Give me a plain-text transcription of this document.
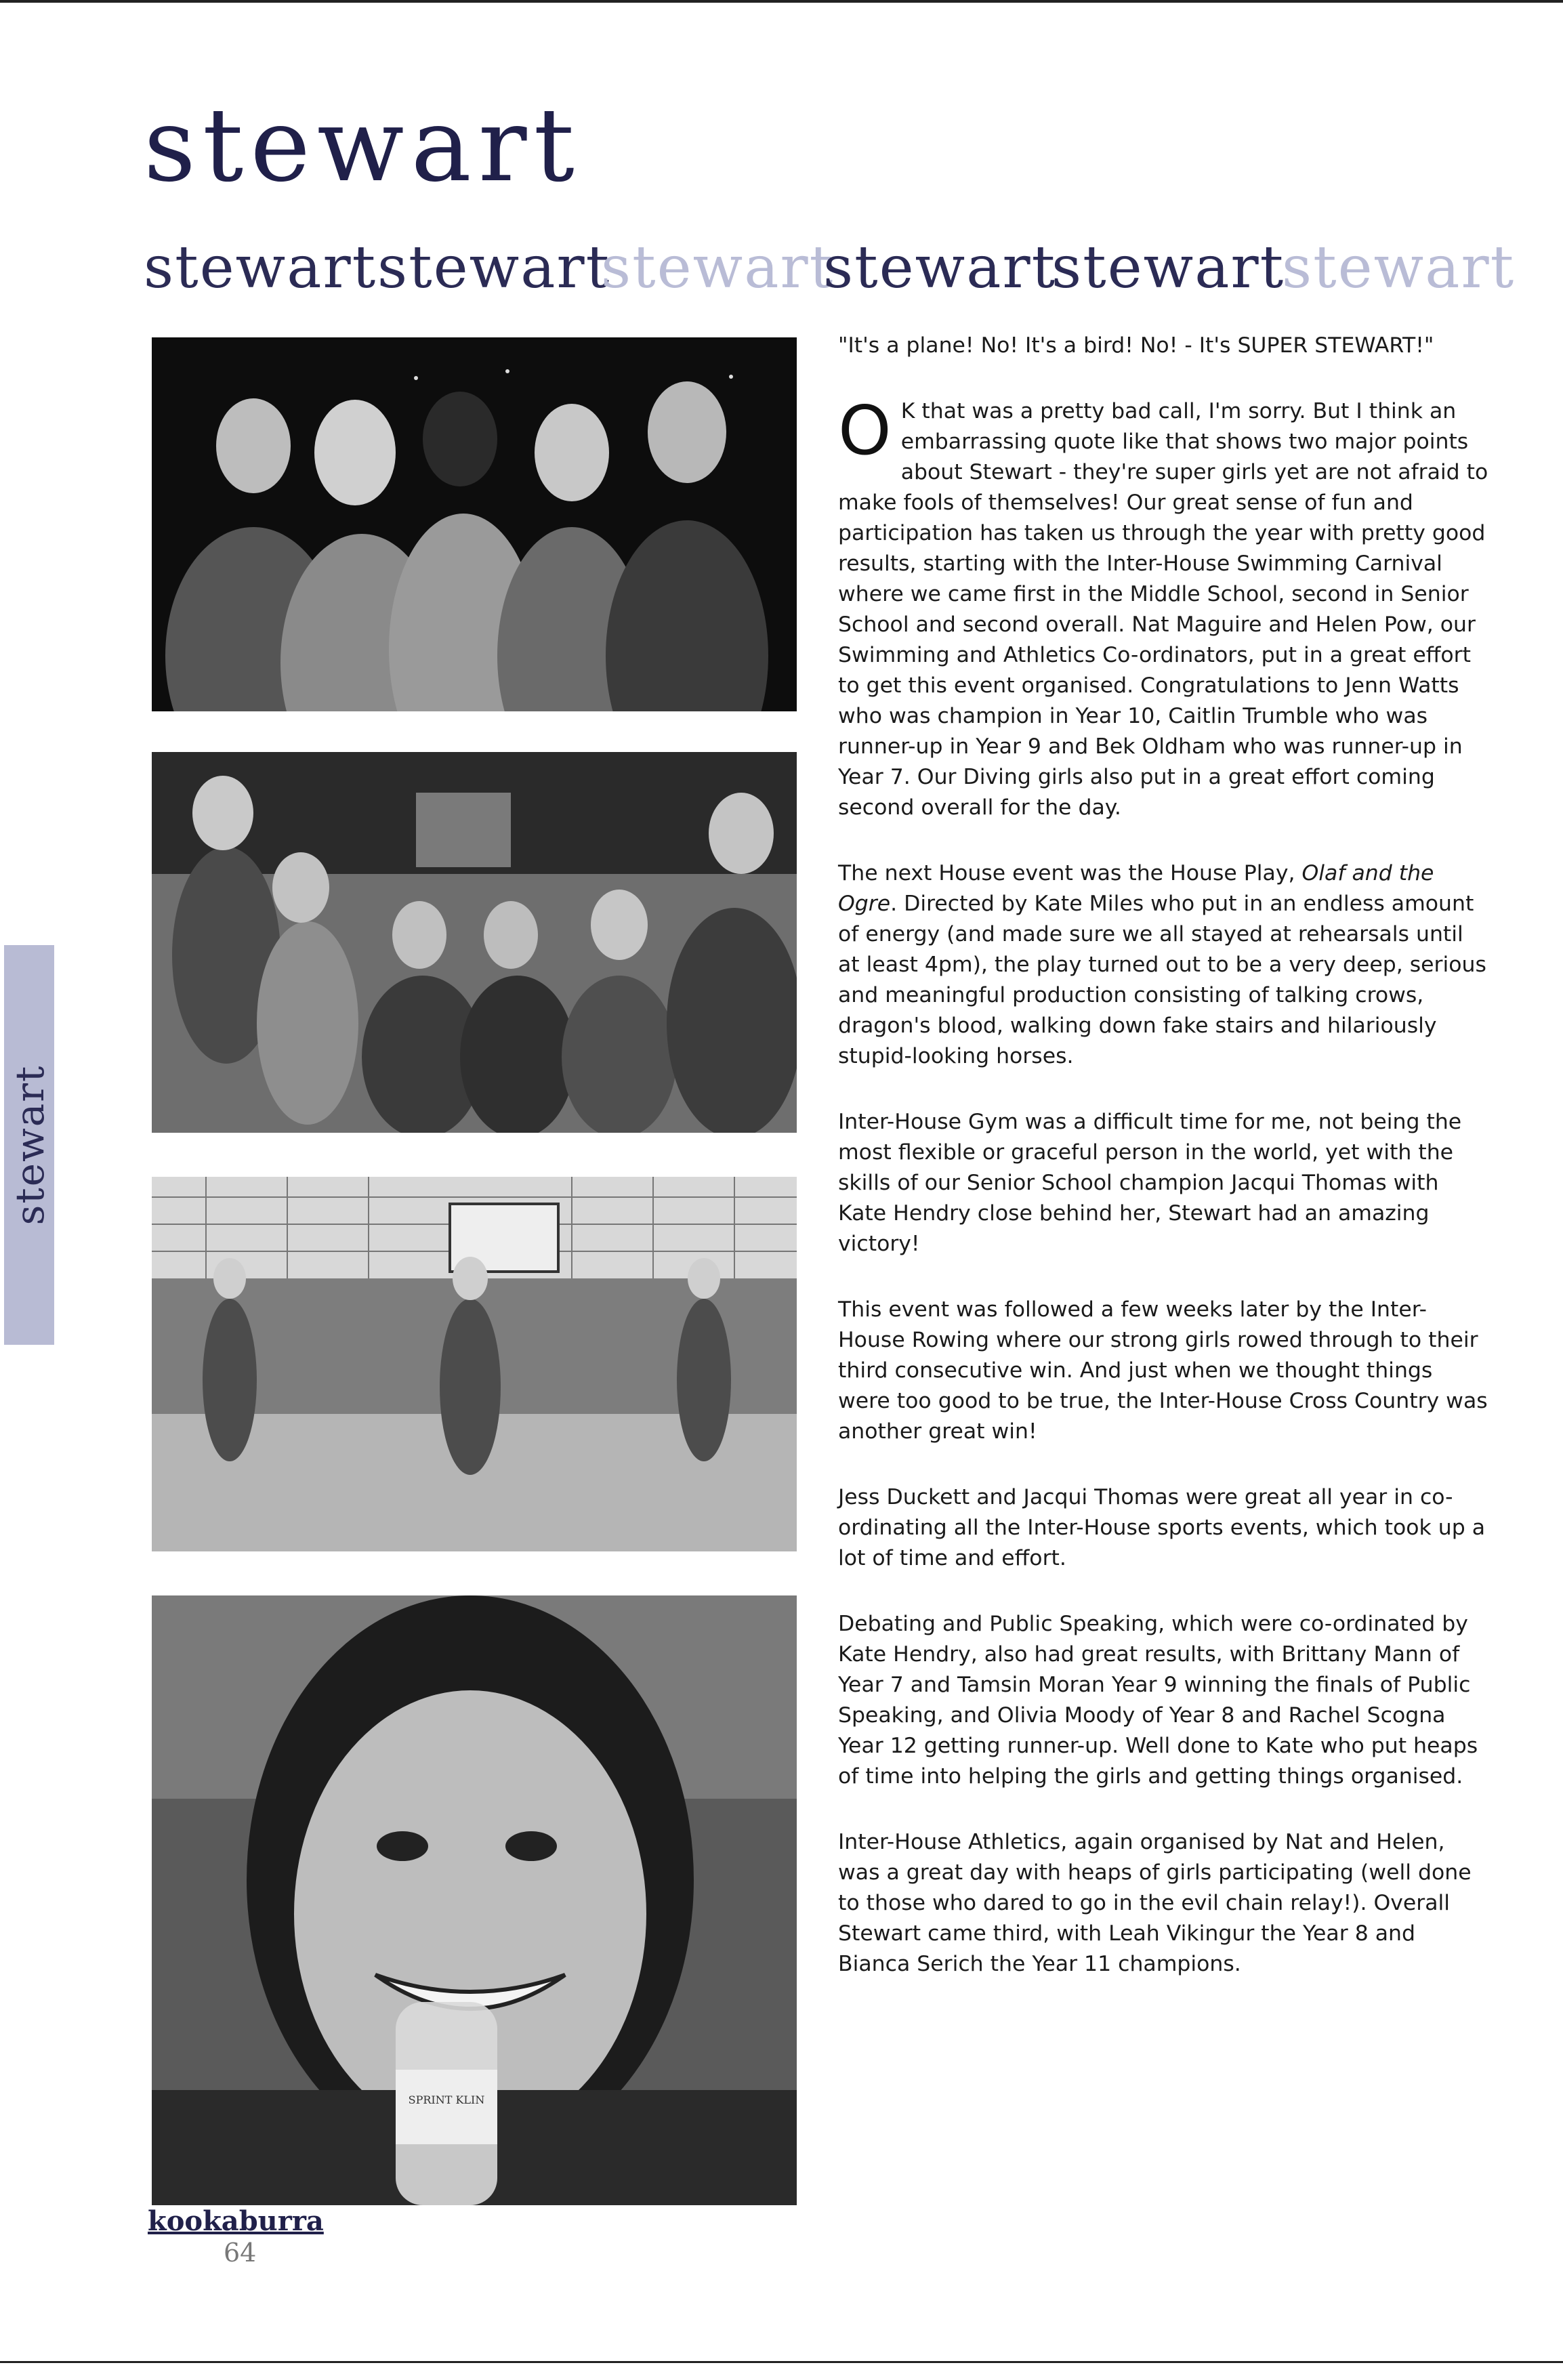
stewart
stewart stewart
stewart
stewart
stewart
stewart
SPRINT KLIN
stewart

"It's a plane! No! It's a bird! No! - It's SUPER STEWART!"

O K that was a pretty bad call, I'm sorry. But I think an embarrassing quote like that shows two major points about Stewart - they're super girls yet are not afraid to make fools of themselves! Our great sense of fun and participation has taken us through the year with pretty good results, starting with the Inter-House Swimming Carnival where we came first in the Middle School, second in Senior School and second overall. Nat Maguire and Helen Pow, our Swimming and Athletics Co-ordinators, put in a great effort to get this event organised. Congratulations to Jenn Watts who was champion in Year 10, Caitlin Trumble who was runner-up in Year 9 and Bek Oldham who was runner-up in Year 7. Our Diving girls also put in a great effort coming second overall for the day.

The next House event was the House Play, Olaf and the Ogre. Directed by Kate Miles who put in an endless amount of energy (and made sure we all stayed at rehearsals until at least 4pm), the play turned out to be a very deep, serious and meaningful production consisting of talking crows, dragon's blood, walking down fake stairs and hilariously stupid-looking horses.

Inter-House Gym was a difficult time for me, not being the most flexible or graceful person in the world, yet with the skills of our Senior School champion Jacqui Thomas with Kate Hendry close behind her, Stewart had an amazing victory!

This event was followed a few weeks later by the Inter-House Rowing where our strong girls rowed through to their third consecutive win. And just when we thought things were too good to be true, the Inter-House Cross Country was another great win!

Jess Duckett and Jacqui Thomas were great all year in co-ordinating all the Inter-House sports events, which took up a lot of time and effort.

Debating and Public Speaking, which were co-ordinated by Kate Hendry, also had great results, with Brittany Mann of Year 7 and Tamsin Moran Year 9 winning the finals of Public Speaking, and Olivia Moody of Year 8 and Rachel Scogna Year 12 getting runner-up. Well done to Kate who put heaps of time into helping the girls and getting things organised.

Inter-House Athletics, again organised by Nat and Helen, was a great day with heaps of girls participating (well done to those who dared to go in the evil chain relay!). Overall Stewart came third, with Leah Vikingur the Year 8 and Bianca Serich the Year 11 champions.

kookaburra
64
